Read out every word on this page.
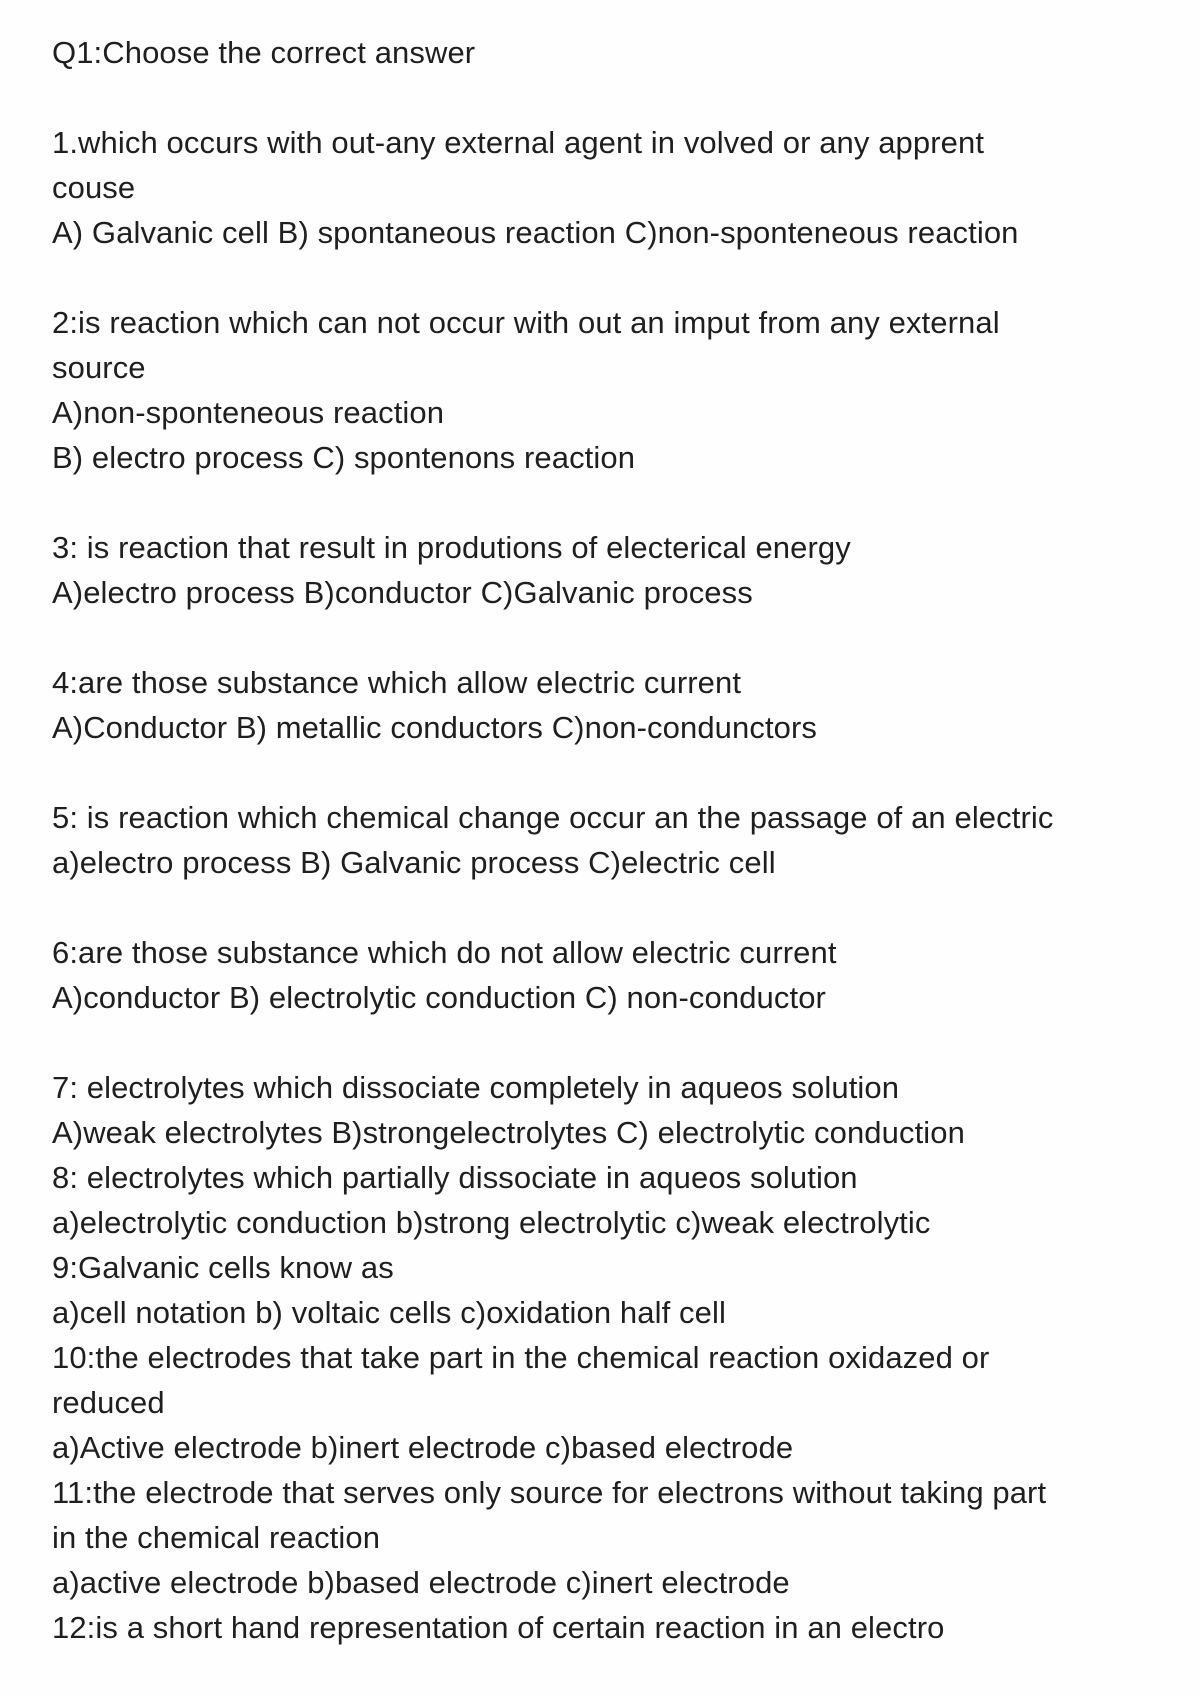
Q1:Choose the correct answer
1.which occurs with out-any external agent in volved or any apprent
couse
A) Galvanic cell B) spontaneous reaction C)non-sponteneous reaction
2:is reaction which can not occur with out an imput from any external
source
A)non-sponteneous reaction
B) electro process C) spontenons reaction
3: is reaction that result in produtions of electerical energy
A)electro process B)conductor C)Galvanic process
4:are those substance which allow electric current
A)Conductor B) metallic conductors C)non-condunctors
5: is reaction which chemical change occur an the passage of an electric
a)electro process B) Galvanic process C)electric cell
6:are those substance which do not allow electric current
A)conductor B) electrolytic conduction C) non-conductor
7: electrolytes which dissociate completely in aqueos solution
A)weak electrolytes B)strongelectrolytes C) electrolytic conduction
8: electrolytes which partially dissociate in aqueos solution
a)electrolytic conduction b)strong electrolytic c)weak electrolytic
9:Galvanic cells know as
a)cell notation b) voltaic cells c)oxidation half cell
10:the electrodes that take part in the chemical reaction oxidazed or
reduced
a)Active electrode b)inert electrode c)based electrode
11:the electrode that serves only source for electrons without taking part
in the chemical reaction
a)active electrode b)based electrode c)inert electrode
12:is a short hand representation of certain reaction in an electro
